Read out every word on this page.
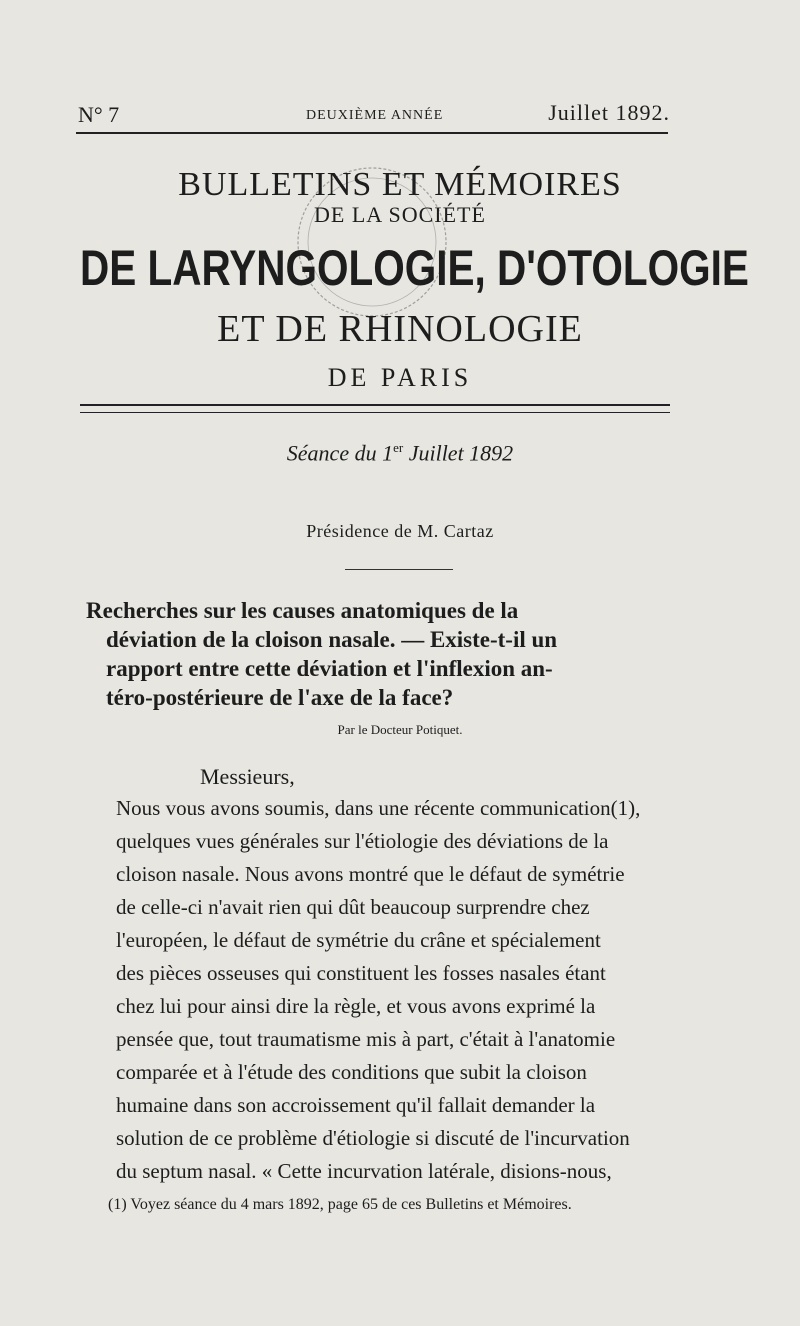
N° 7	DEUXIÈME ANNÉE	Juillet 1892.
BULLETINS ET MÉMOIRES
DE LA SOCIÉTÉ
DE LARYNGOLOGIE, D'OTOLOGIE
ET DE RHINOLOGIE
DE PARIS
Séance du 1er Juillet 1892
Présidence de M. Cartaz
Recherches sur les causes anatomiques de la
déviation de la cloison nasale. — Existe-t-il un
rapport entre cette déviation et l'inflexion an-
téro-postérieure de l'axe de la face?
Par le Docteur Potiquet.
Messieurs,
Nous vous avons soumis, dans une récente communication(1),
quelques vues générales sur l'étiologie des déviations de la
cloison nasale. Nous avons montré que le défaut de symétrie
de celle-ci n'avait rien qui dût beaucoup surprendre chez
l'européen, le défaut de symétrie du crâne et spécialement
des pièces osseuses qui constituent les fosses nasales étant
chez lui pour ainsi dire la règle, et vous avons exprimé la
pensée que, tout traumatisme mis à part, c'était à l'anatomie
comparée et à l'étude des conditions que subit la cloison
humaine dans son accroissement qu'il fallait demander la
solution de ce problème d'étiologie si discuté de l'incurvation
du septum nasal. « Cette incurvation latérale, disions-nous,
(1) Voyez séance du 4 mars 1892, page 65 de ces Bulletins et Mémoires.
